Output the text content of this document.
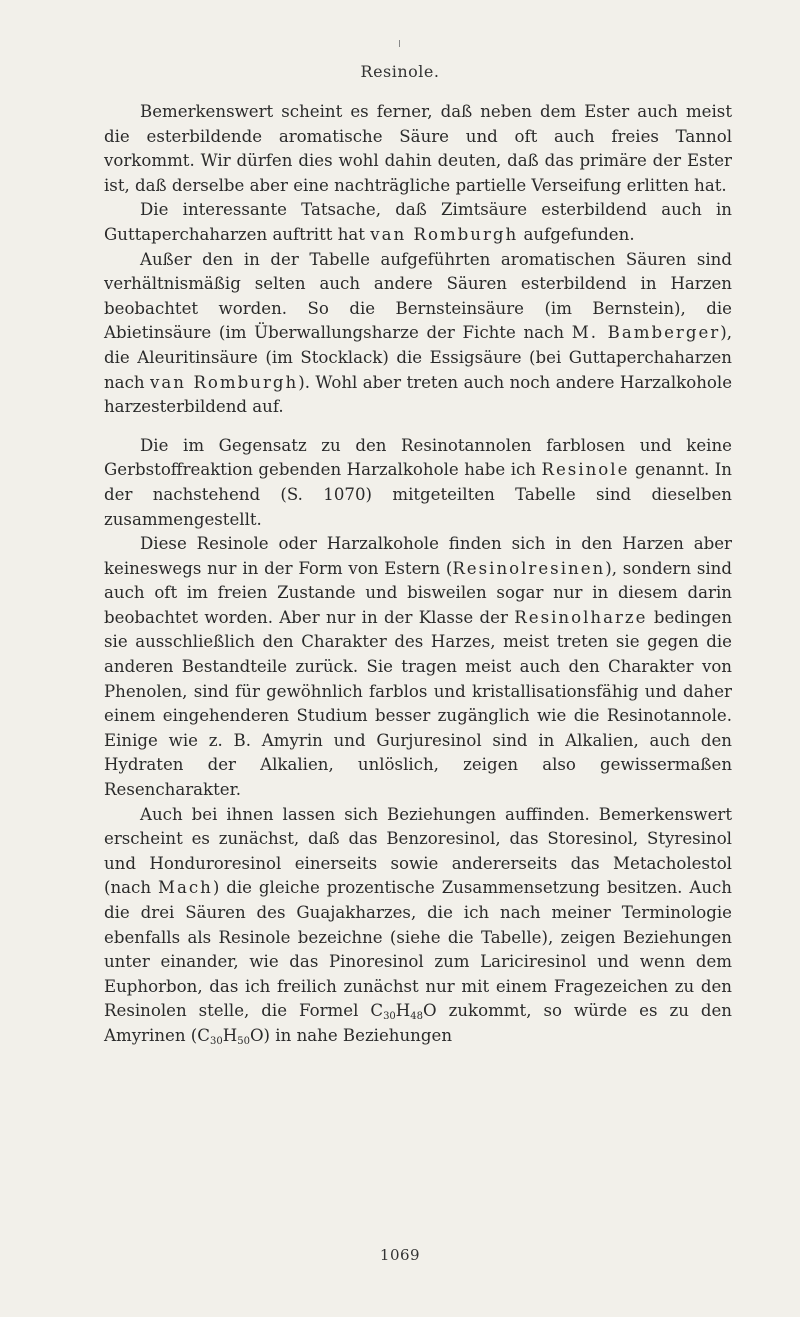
Resinole.

Bemerkenswert scheint es ferner, daß neben dem Ester auch meist die esterbildende aromatische Säure und oft auch freies Tannol vorkommt. Wir dürfen dies wohl dahin deuten, daß das primäre der Ester ist, daß derselbe aber eine nachträgliche partielle Verseifung erlitten hat.

Die interessante Tatsache, daß Zimtsäure esterbildend auch in Guttaperchaharzen auftritt hat van Romburgh aufgefunden.

Außer den in der Tabelle aufgeführten aromatischen Säuren sind verhältnismäßig selten auch andere Säuren esterbildend in Harzen beobachtet worden. So die Bernsteinsäure (im Bernstein), die Abietinsäure (im Überwallungsharze der Fichte nach M. Bamberger), die Aleuritinsäure (im Stocklack) die Essigsäure (bei Guttaperchaharzen nach van Romburgh). Wohl aber treten auch noch andere Harzalkohole harzesterbildend auf.

Die im Gegensatz zu den Resinotannolen farblosen und keine Gerbstoffreaktion gebenden Harzalkohole habe ich Resinole genannt. In der nachstehend (S. 1070) mitgeteilten Tabelle sind dieselben zusammengestellt.

Diese Resinole oder Harzalkohole finden sich in den Harzen aber keineswegs nur in der Form von Estern (Resinolresinen), sondern sind auch oft im freien Zustande und bisweilen sogar nur in diesem darin beobachtet worden. Aber nur in der Klasse der Resinolharze bedingen sie ausschließlich den Charakter des Harzes, meist treten sie gegen die anderen Bestandteile zurück. Sie tragen meist auch den Charakter von Phenolen, sind für gewöhnlich farblos und kristallisationsfähig und daher einem eingehenderen Studium besser zugänglich wie die Resinotannole. Einige wie z. B. Amyrin und Gurjuresinol sind in Alkalien, auch den Hydraten der Alkalien, unlöslich, zeigen also gewissermaßen Resencharakter.

Auch bei ihnen lassen sich Beziehungen auffinden. Bemerkenswert erscheint es zunächst, daß das Benzoresinol, das Storesinol, Styresinol und Honduroresinol einerseits sowie andererseits das Metacholestol (nach Mach) die gleiche prozentische Zusammensetzung besitzen. Auch die drei Säuren des Guajakharzes, die ich nach meiner Terminologie ebenfalls als Resinole bezeichne (siehe die Tabelle), zeigen Beziehungen unter einander, wie das Pinoresinol zum Lariciresinol und wenn dem Euphorbon, das ich freilich zunächst nur mit einem Fragezeichen zu den Resinolen stelle, die Formel $C_{30}H_{48}O$ zukommt, so würde es zu den Amyrinen $(C_{30}H_{50}O)$ in nahe Beziehungen

1069
